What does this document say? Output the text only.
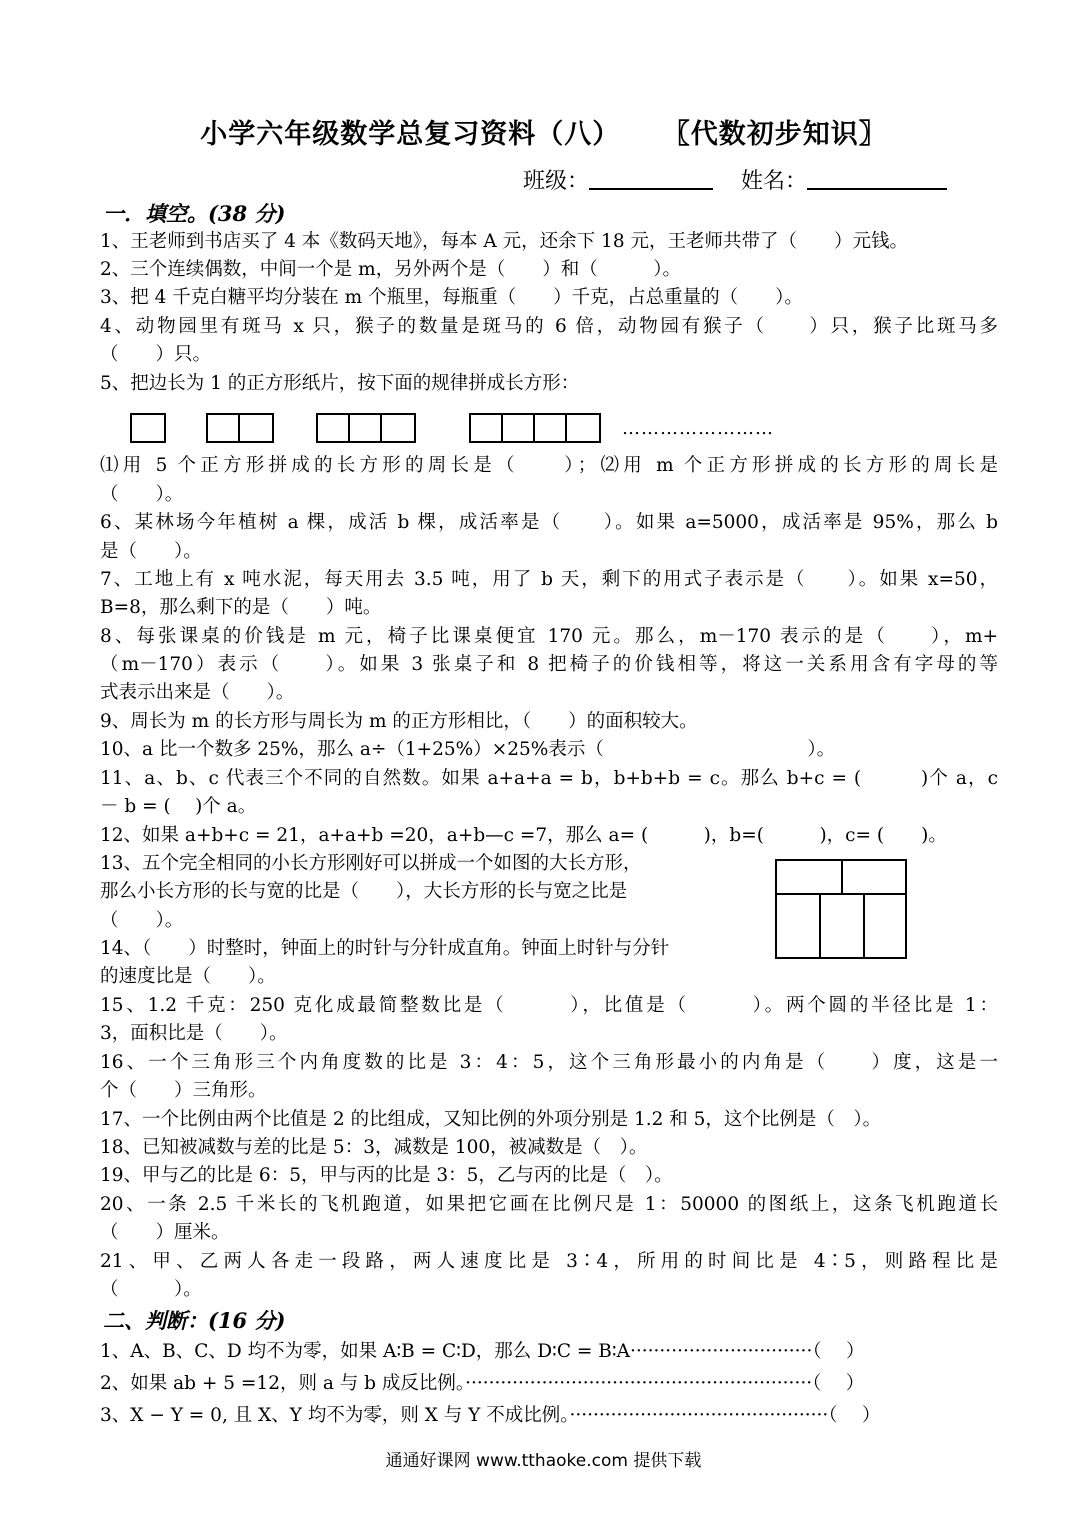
小学六年级数学总复习资料（八） 〖代数初步知识〗
班级：	姓名：
一．填空。(38 分)
1、王老师到书店买了 4 本《数码天地》，每本 A 元，还余下 18 元，王老师共带了（　　）元钱。
2、三个连续偶数，中间一个是 m，另外两个是（　　）和（　　　）。
3、把 4 千克白糖平均分装在 m 个瓶里，每瓶重（　　）千克，占总重量的（　　）。
4、动物园里有斑马 x 只，猴子的数量是斑马的 6 倍，动物园有猴子（　　）只，猴子比斑马多
（　　）只。
5、把边长为 1 的正方形纸片，按下面的规律拼成长方形：
……………………
⑴用 5 个正方形拼成的长方形的周长是（　　）；⑵用 m 个正方形拼成的长方形的周长是
（　　）。
6、某林场今年植树 a 棵，成活 b 棵，成活率是（　　）。如果 a=5000，成活率是 95%，那么 b
是（　　）。
7、工地上有 x 吨水泥，每天用去 3.5 吨，用了 b 天，剩下的用式子表示是（　　）。如果 x=50，
B=8，那么剩下的是（　　）吨。
8、每张课桌的价钱是 m 元，椅子比课桌便宜 170 元。那么，m－170 表示的是（　　），m+
（m－170）表示（　　）。如果 3 张桌子和 8 把椅子的价钱相等，将这一关系用含有字母的等
式表示出来是（　　）。
9、周长为 m 的长方形与周长为 m 的正方形相比，（　　）的面积较大。
10、a 比一个数多 25%，那么 a÷（1+25%）×25%表示（　　　　　　　　　　　）。
11、a、b、c 代表三个不同的自然数。如果 a+a+a = b，b+b+b = c。那么 b+c = (　　　)个 a，c
－ b = (　 )个 a。
12、如果 a+b+c = 21，a+a+b =20，a+b—c =7，那么 a= (　　　)，b=(　　　)，c= (　　)。
13、五个完全相同的小长方形刚好可以拼成一个如图的大长方形，
那么小长方形的长与宽的比是（　　），大长方形的长与宽之比是
（　　）。
14、（　　）时整时，钟面上的时针与分针成直角。钟面上时针与分针
的速度比是（　　）。
15、1.2 千克：250 克化成最简整数比是（　　　），比值是（　　　）。两个圆的半径比是 1：
3，面积比是（　　）。
16、一个三角形三个内角度数的比是 3：4：5，这个三角形最小的内角是（　　）度，这是一
个（　　）三角形。
17、一个比例由两个比值是 2 的比组成，又知比例的外项分别是 1.2 和 5，这个比例是（　）。
18、已知被减数与差的比是 5：3，减数是 100，被减数是（　）。
19、甲与乙的比是 6：5，甲与丙的比是 3：5，乙与丙的比是（　）。
20、一条 2.5 千米长的飞机跑道，如果把它画在比例尺是 1：50000 的图纸上，这条飞机跑道长
（　　）厘米。
21、甲、乙两人各走一段路，两人速度比是 3∶4，所用的时间比是 4∶5，则路程比是
（　　　）。
二、判断：(16 分)
1、A、B、C、D 均不为零，如果 A∶B = C∶D，那么 D∶C = B∶A·······························（　 ）
2、如果 ab + 5 =12，则 a 与 b 成反比例。···························································（　 ）
3、X − Y = 0, 且 X、Y 均不为零，则 X 与 Y 不成比例。············································（　 ）
通通好课网 www.tthaoke.com 提供下载
